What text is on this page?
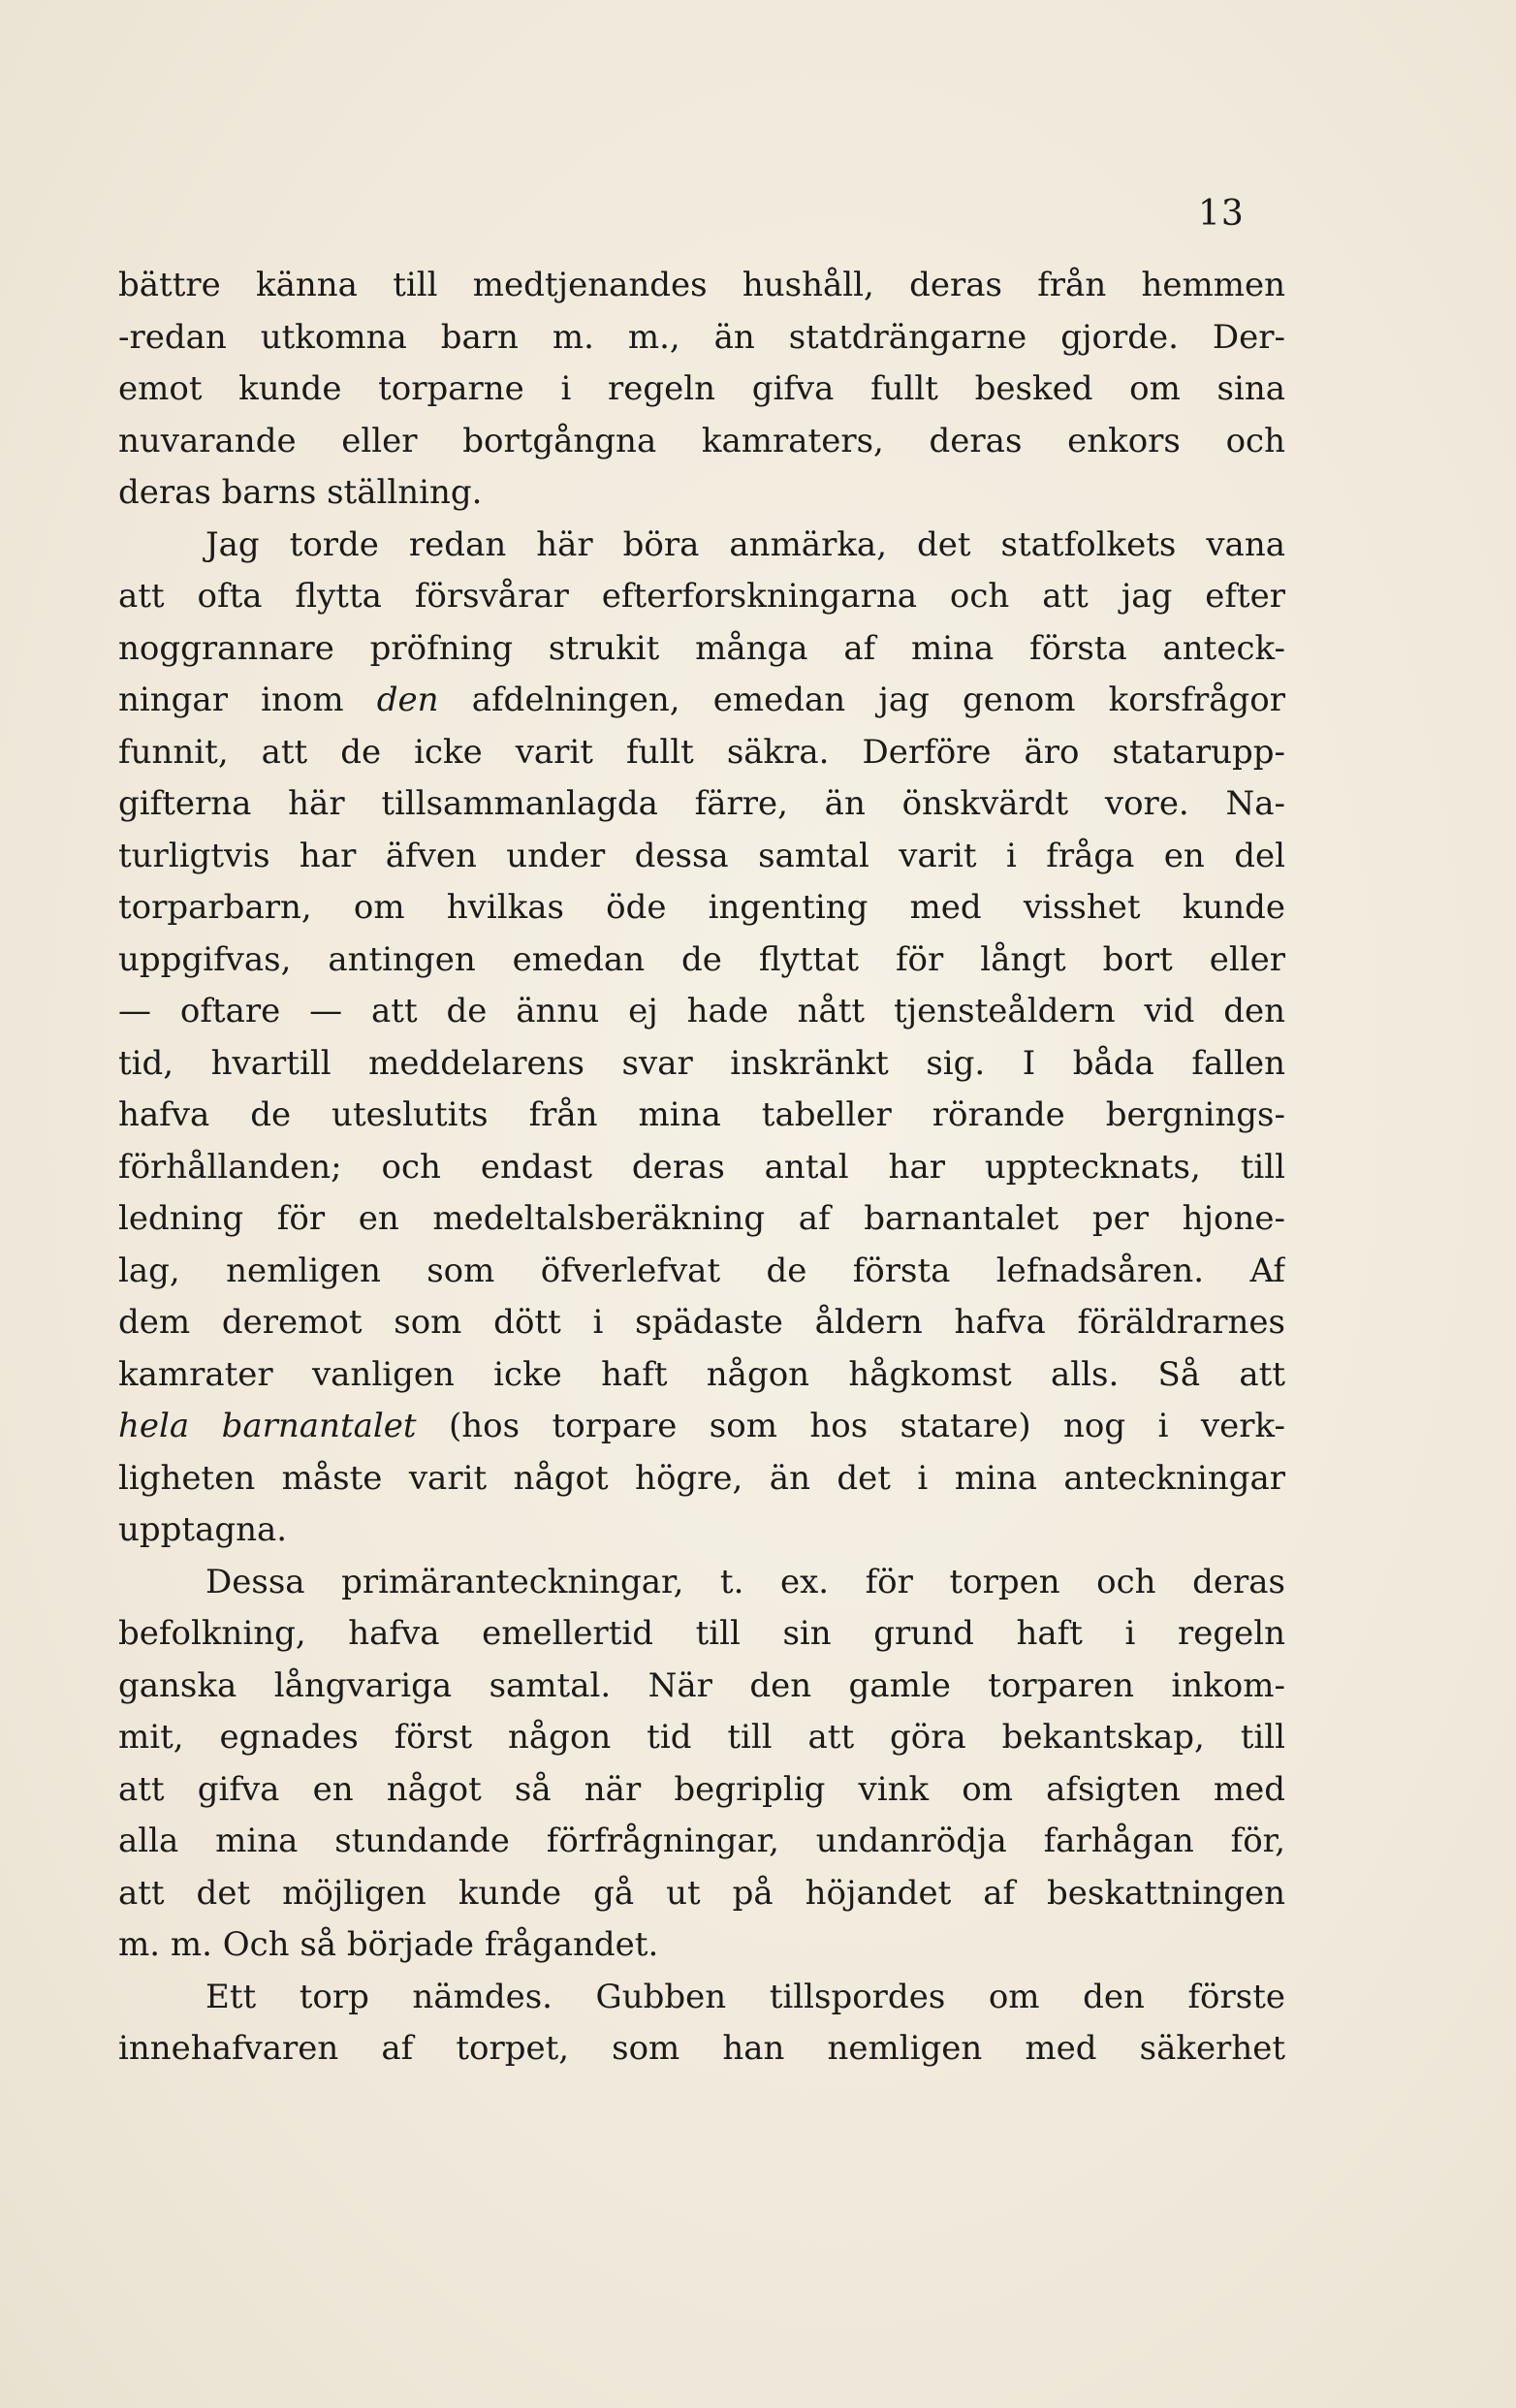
13
bättre känna till medtjenandes hushåll, deras från hemmen
-redan utkomna barn m. m., än statdrängarne gjorde. Der-
emot kunde torparne i regeln gifva fullt besked om sina
nuvarande eller bortgångna kamraters, deras enkors och
deras barns ställning.
Jag torde redan här böra anmärka, det statfolkets vana
att ofta flytta försvårar efterforskningarna och att jag efter
noggrannare pröfning strukit många af mina första anteck-
ningar inom den afdelningen, emedan jag genom korsfrågor
funnit, att de icke varit fullt säkra. Derföre äro statarupp-
gifterna här tillsammanlagda färre, än önskvärdt vore. Na-
turligtvis har äfven under dessa samtal varit i fråga en del
torparbarn, om hvilkas öde ingenting med visshet kunde
uppgifvas, antingen emedan de flyttat för långt bort eller
— oftare — att de ännu ej hade nått tjensteåldern vid den
tid, hvartill meddelarens svar inskränkt sig. I båda fallen
hafva de uteslutits från mina tabeller rörande bergnings-
förhållanden; och endast deras antal har upptecknats, till
ledning för en medeltalsberäkning af barnantalet per hjone-
lag, nemligen som öfverlefvat de första lefnadsåren. Af
dem deremot som dött i spädaste åldern hafva föräldrarnes
kamrater vanligen icke haft någon hågkomst alls. Så att
hela barnantalet (hos torpare som hos statare) nog i verk-
ligheten måste varit något högre, än det i mina anteckningar
upptagna.
Dessa primäranteckningar, t. ex. för torpen och deras
befolkning, hafva emellertid till sin grund haft i regeln
ganska långvariga samtal. När den gamle torparen inkom-
mit, egnades först någon tid till att göra bekantskap, till
att gifva en något så när begriplig vink om afsigten med
alla mina stundande förfrågningar, undanrödja farhågan för,
att det möjligen kunde gå ut på höjandet af beskattningen
m. m. Och så började frågandet.
Ett torp nämdes. Gubben tillspordes om den förste
innehafvaren af torpet, som han nemligen med säkerhet
